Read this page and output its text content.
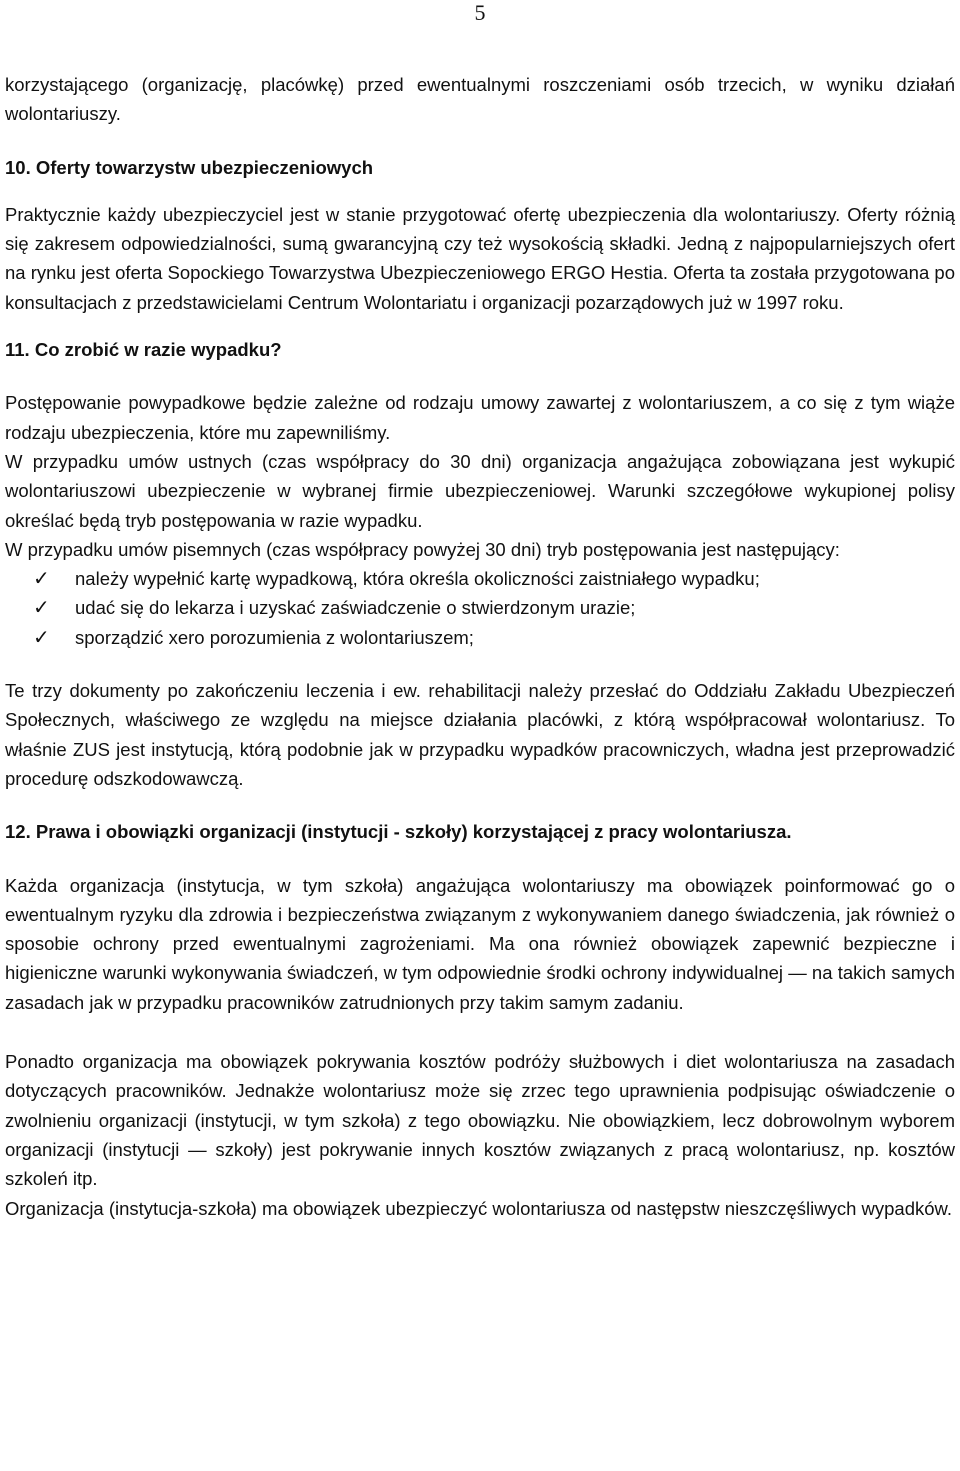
5

korzystającego (organizację, placówkę) przed ewentualnymi roszczeniami osób trzecich, w wyniku działań wolontariuszy.

10. Oferty towarzystw ubezpieczeniowych

Praktycznie każdy ubezpieczyciel jest w stanie przygotować ofertę ubezpieczenia dla wolontariuszy. Oferty różnią się zakresem odpowiedzialności, sumą gwarancyjną czy też wysokością składki. Jedną z najpopularniejszych ofert na rynku jest oferta Sopockiego Towarzystwa Ubezpieczeniowego ERGO Hestia. Oferta ta została przygotowana po konsultacjach z przedstawicielami Centrum Wolontariatu i organizacji pozarządowych już w 1997 roku.

11. Co zrobić w razie wypadku?

Postępowanie powypadkowe będzie zależne od rodzaju umowy zawartej z wolontariuszem, a co się z tym wiąże rodzaju ubezpieczenia, które mu zapewniliśmy.

W przypadku umów ustnych (czas współpracy do 30 dni) organizacja angażująca zobowiązana jest wykupić wolontariuszowi ubezpieczenie w wybranej firmie ubezpieczeniowej. Warunki szczegółowe wykupionej polisy określać będą tryb postępowania w razie wypadku.

W przypadku umów pisemnych (czas współpracy powyżej 30 dni) tryb postępowania jest następujący:

✓	należy wypełnić kartę wypadkową, która określa okoliczności zaistniałego wypadku;
✓	udać się do lekarza i uzyskać zaświadczenie o stwierdzonym urazie;
✓	sporządzić xero porozumienia z wolontariuszem;

Te trzy dokumenty po zakończeniu leczenia i ew. rehabilitacji należy przesłać do Oddziału Zakładu Ubezpieczeń Społecznych, właściwego ze względu na miejsce działania placówki, z którą współpracował wolontariusz. To właśnie ZUS jest instytucją, którą podobnie jak w przypadku wypadków pracowniczych, władna jest przeprowadzić procedurę odszkodowawczą.

12. Prawa i obowiązki organizacji (instytucji - szkoły) korzystającej z pracy wolontariusza.

Każda organizacja (instytucja, w tym szkoła) angażująca wolontariuszy ma obowiązek poinformować go o ewentualnym ryzyku dla zdrowia i bezpieczeństwa związanym z wykonywaniem danego świadczenia, jak również o sposobie ochrony przed ewentualnymi zagrożeniami. Ma ona również obowiązek zapewnić bezpieczne i higieniczne warunki wykonywania świadczeń, w tym odpowiednie środki ochrony indywidualnej — na takich samych zasadach jak w przypadku pracowników zatrudnionych przy takim samym zadaniu.

Ponadto organizacja ma obowiązek pokrywania kosztów podróży służbowych i diet wolontariusza na zasadach dotyczących pracowników. Jednakże wolontariusz może się zrzec tego uprawnienia podpisując oświadczenie o zwolnieniu organizacji (instytucji, w tym szkoła) z tego obowiązku. Nie obowiązkiem, lecz dobrowolnym wyborem organizacji (instytucji — szkoły) jest pokrywanie innych kosztów związanych z pracą wolontariusz, np. kosztów szkoleń itp.

Organizacja (instytucja-szkoła) ma obowiązek ubezpieczyć wolontariusza od następstw nieszczęśliwych wypadków.
